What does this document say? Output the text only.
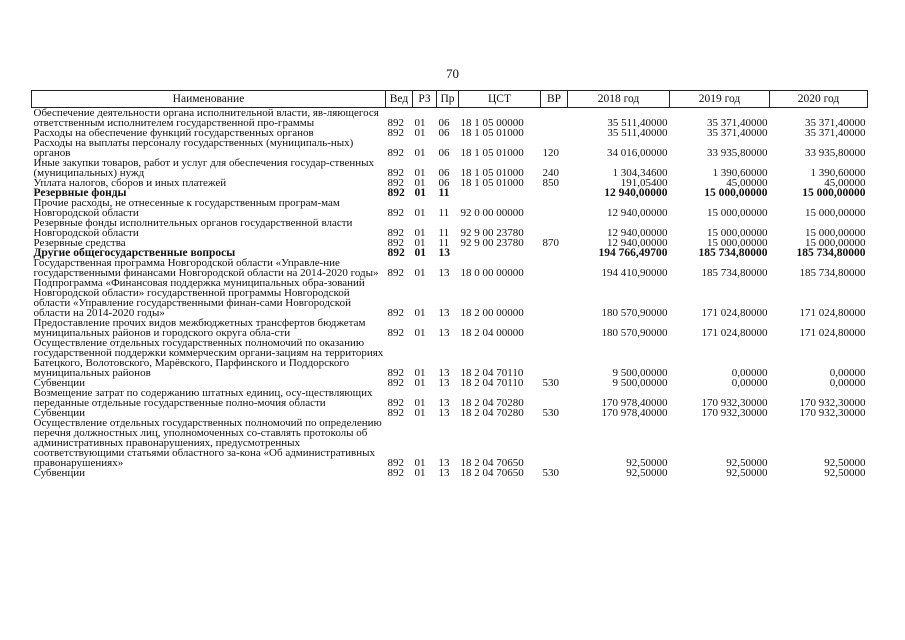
70
Наименование	Вед	РЗ	Пр	ЦСТ	ВР	2018 год	2019 год	2020 год
Обеспечение деятельности органа исполнительной власти, яв-ляющегося ответственным исполнителем государственной про-граммы	892	01	06	18 1 05 00000		35 511,40000	35 371,40000	35 371,40000
Расходы на обеспечение функций государственных органов	892	01	06	18 1 05 01000		35 511,40000	35 371,40000	35 371,40000
Расходы на выплаты персоналу государственных (муниципаль-ных) органов	892	01	06	18 1 05 01000	120	34 016,00000	33 935,80000	33 935,80000
Иные закупки товаров, работ и услуг для обеспечения государ-ственных (муниципальных) нужд	892	01	06	18 1 05 01000	240	1 304,34600	1 390,60000	1 390,60000
Уплата налогов, сборов и иных платежей	892	01	06	18 1 05 01000	850	191,05400	45,00000	45,00000
Резервные фонды	892	01	11			12 940,00000	15 000,00000	15 000,00000
Прочие расходы, не отнесенные к государственным програм-мам Новгородской области	892	01	11	92 0 00 00000		12 940,00000	15 000,00000	15 000,00000
Резервные фонды исполнительных органов государственной власти Новгородской области	892	01	11	92 9 00 23780		12 940,00000	15 000,00000	15 000,00000
Резервные средства	892	01	11	92 9 00 23780	870	12 940,00000	15 000,00000	15 000,00000
Другие общегосударственные вопросы	892	01	13			194 766,49700	185 734,80000	185 734,80000
Государственная программа Новгородской области «Управле-ние государственными финансами Новгородской области на 2014-2020 годы»	892	01	13	18 0 00 00000		194 410,90000	185 734,80000	185 734,80000
Подпрограмма «Финансовая поддержка муниципальных обра-зований Новгородской области» государственной программы Новгородской области «Управление государственными финан-сами Новгородской области на 2014-2020 годы»	892	01	13	18 2 00 00000		180 570,90000	171 024,80000	171 024,80000
Предоставление прочих видов межбюджетных трансфертов бюджетам муниципальных районов и городского округа обла-сти	892	01	13	18 2 04 00000		180 570,90000	171 024,80000	171 024,80000
Осуществление отдельных государственных полномочий по оказанию государственной поддержки коммерческим органи-зациям на территориях Батецкого, Волотовского, Марёвского, Парфинского и Поддорского муниципальных районов	892	01	13	18 2 04 70110		9 500,00000	0,00000	0,00000
Субвенции	892	01	13	18 2 04 70110	530	9 500,00000	0,00000	0,00000
Возмещение затрат по содержанию штатных единиц, осу-ществляющих переданные отдельные государственные полно-мочия области	892	01	13	18 2 04 70280		170 978,40000	170 932,30000	170 932,30000
Субвенции	892	01	13	18 2 04 70280	530	170 978,40000	170 932,30000	170 932,30000
Осуществление отдельных государственных полномочий по определению перечня должностных лиц, уполномоченных со-ставлять протоколы об административных правонарушениях, предусмотренных соответствующими статьями областного за-кона «Об административных правонарушениях»	892	01	13	18 2 04 70650		92,50000	92,50000	92,50000
Субвенции	892	01	13	18 2 04 70650	530	92,50000	92,50000	92,50000
